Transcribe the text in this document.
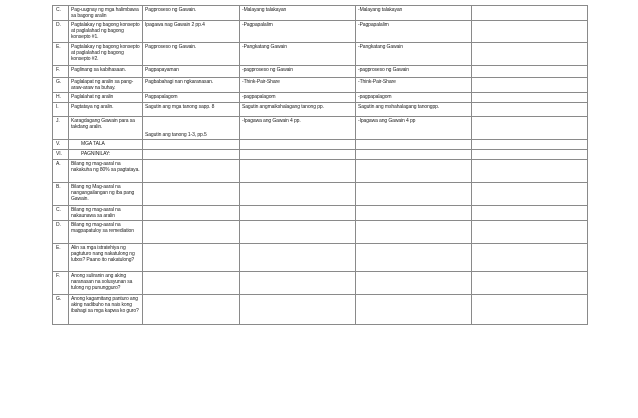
C.	Pag-uugnay ng mga halimbawa sa bagong aralin	Pagproseso ng Gawain.	-Malayang talakayan	-Malayang talakayan	
D.	Pagtalakay ng bagong konsepto at paglalahad ng bagong konsepto #1.	Ipagawa nag Gawain 2 pp.4	-Pagpapalalim	-Pagpapalalim	
E.	Pagtalakay ng bagong konsepto at paglalahad ng bagong konsepto #2.	Pagproseso ng Gawain.	-Pangkatang Gawain	-Pangkatang Gawain	
F.	Paglinang sa kabihasaan.	Pagpapayaman	-pagproseso ng Gawain	-pagproseso ng Gawain	
G.	Paglalapat ng aralin sa pang-araw-araw na buhay.	Pagbabahagi nan ngkaranasan.	-Think-Pair-Share	-Think-Pair-Share	
H.	Paglalahat ng aralin	Pagpapalagom	-pagpapalagom	-pagpapalagom	
I.	Pagtataya ng aralin.	Sagutin ang mga tanong sapp. 8	Sagutin angmaikshalagang tanong pp.	Sagutin ang mshahalagang tanongpp.	
J.	Karagdagang Gawain para sa takdang aralin.	Sagutin ang tanong 1-3, pp.5	-Ipagawa ang Gawain 4 pp.	-Ipagawa ang Gawain 4 pp	
V.	MGA TALA				
VI.	PAGNINILAY:				
A.	Bilang ng mag-aaral na nakakuha ng 80% sa pagtataya.				
B.	Bilang ng Mag-aaral na nangangailangan ng iba pang Gawain.				
C.	Bilang ng mag-aaral na nakaunawa sa aralin				
D.	Bilang ng mag-aaral na magpapatuloy sa remediation				
E.	Alin sa mga istratehiya ng pagtuturo nang nakatulong ng lubos? Paano ito nakatulong?				
F.	Anong suliranin ang aking naranasan na solusyunan sa tulong ng punungguro?				
G.	Anong kagamitang panturo ang aking nadibuho na nais kong ibahagi sa mga kapwa ko guro?				
